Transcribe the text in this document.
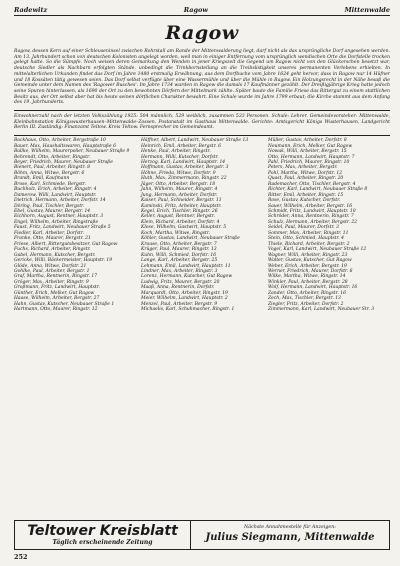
Radewitz	Ragow	Mittenwalde
Ragow
Ragow, dessen Kern auf einer Schleuseninsel zwischen Rohrstall am Rande der Mittenwalderung liegt, darf nicht als das ursprüngliche Dorf angesehen werden. Am 13. Jahrhundert schon von deutschen Kolonisten angelegt worden, weil man in einiger Entfernung vom ursprünglich wendischen Orte die Dorfstelle trocken gelegt hatte. So die Sümpfe. Noch weisen deren Gemarkung den Wenden in jener Kriegszeit die Gegend um Ragow nicht von den Glückerschen besetzt war, deutsche Siedler als Nachbarn erfolgten Stände, unbedingt die Trinkbornstellung an die Treibslistigkeit unseres permanenten Verlebens erhielten. In mittelalterlichen Urkunden findet das Dorf im Jahre 1480 erstmalig Erwähnung, aus dem Dorfbuche vom Jahre 1624 geht hervor, dass in Ragow nur 14 Hüfner und 18 Kossäten tätig gewesen seien. Das Dorf selbst verfügte über eine Wassermühle und über die Mühle in Ragow. Ein Holzungsrecht in der Nähe besaß die Gemeinde unter dem Namen des 'Ragower Busches'. Im Jahre 1734 wurden in Ragow die damals 17 Kaufmänner gezählt. Der Dreißigjährige Krieg hatte jedoch seine Spuren hinterlassen, als 1690 der Ort zu den bewohnten Dörfern der Mittelmark zählte. Später baute die Familie Friese das Rittergut zu einem stattlichen Besitz aus, der Ort selbst aber hat bis heute seinen dörflichen Charakter bewahrt. Eine Schule wurde im Jahre 1799 erbaut; die Kirche stammt aus dem Anfang des 19. Jahrhunderts.
Einwohnerzahl nach der letzten Volkszählung 1925: 504 männlich, 529 weiblich, zusammen 533 Personen. Schule: Lehrer. Gemeindevorsteher: Mittenwalde, Kleinbahnstation Königswusterhausen–Mittenwalde–Zossen. Postanstalt im Gasthaus Mittenwalde. Gerichte: Amtsgericht Königs Wusterhausen, Landgericht Berlin III. Zuständig: Finanzamt Teltow. Kreis Teltow. Fernsprecher im Gemeindeamt.

Backhaus, Otto, Arbeiter, Bergstraße 10

Bauer, Max, Haushaltswaren, Hauptstraße 6

Ballke, Wilhelm, Maurerpolier, Neubauer Straße 9

Behrendt, Otto, Arbeiter, Ringstr.

Beyer, Friedrich, Maurer, Neubauer Straße

Bienert, Paul, Arbeiter, Ringstr. 8

Böhm, Anna, Witwe, Bergstr. 6

Brandt, Emil, Kaufmann

Brose, Karl, Schmiede, Bergstr.

Buchholz, Erich, Arbeiter, Ringstr. 4

Damerow, Willi, Landwirt, Hauptstr.

Dietrich, Hermann, Arbeiter, Dorfstr. 14

Döring, Paul, Tischler, Bergstr.

Ebel, Gustav, Maurer, Bergstr. 14

Eichhorn, August, Rentner, Hauptstr. 3

Engel, Wilhelm, Arbeiter, Ringstraße

Faust, Fritz, Landwirt, Neubauer Straße 5

Fiedler, Karl, Arbeiter, Dorfstr.

Franke, Otto, Maurer, Bergstr. 21

Friese, Albert, Rittergutsbesitzer, Gut Ragow

Fuchs, Richard, Arbeiter, Ringstr.

Gabel, Hermann, Kutscher, Bergstr.

Gericke, Willi, Bäckermeister, Hauptstr. 19

Glöde, Anna, Witwe, Dorfstr. 21

Gohlke, Paul, Arbeiter, Bergstr. 1

Graf, Martha, Rentnerin, Ringstr. 17

Gröger, Max, Arbeiter, Ringstr. 9

Großmann, Fritz, Landwirt, Hauptstr.

Günther, Erich, Melker, Gut Ragow

Haase, Wilhelm, Arbeiter, Bergstr. 27

Hahn, Gustav, Kutscher, Neubauer Straße 1

Hartmann, Otto, Maurer, Ringstr. 12

Häffner, Albert, Landwirt, Neubauer Straße 13

Heinrich, Emil, Arbeiter, Bergstr. 6

Henke, Paul, Arbeiter, Ringstr.

Hermann, Willi, Kutscher, Dorfstr.

Herzog, Karl, Landwirt, Hauptstr. 14

Hoffmann, Gustav, Arbeiter, Bergstr. 3

Höhne, Frieda, Witwe, Dorfstr. 9

Huth, Max, Zimmermann, Ringstr. 22

Jäger, Otto, Arbeiter, Bergstr. 18

Jahn, Wilhelm, Maurer, Ringstr. 4

Jung, Hermann, Arbeiter, Dorfstr.

Kaiser, Paul, Schneider, Bergstr. 11

Kaminski, Fritz, Arbeiter, Hauptstr.

Kegel, Erich, Tischler, Ringstr. 26

Keller, August, Rentner, Bergstr.

Klein, Richard, Arbeiter, Dorfstr. 4

Klose, Wilhelm, Gastwirt, Hauptstr. 5

Koch, Martha, Witwe, Ringstr.

Köhler, Gustav, Landwirt, Neubauer Straße

Krause, Otto, Arbeiter, Bergstr. 7

Krüger, Paul, Maurer, Ringstr. 13

Kuhn, Willi, Schmied, Dorfstr. 16

Lange, Karl, Arbeiter, Bergstr. 25

Lehmann, Emil, Landwirt, Hauptstr. 11

Lindner, Max, Arbeiter, Ringstr. 3

Lorenz, Hermann, Kutscher, Gut Ragow

Ludwig, Fritz, Maurer, Bergstr. 20

Maaß, Anna, Rentnerin, Dorfstr.

Marquardt, Otto, Arbeiter, Ringstr. 19

Meier, Wilhelm, Landwirt, Hauptstr. 2

Menzel, Paul, Arbeiter, Bergstr. 9

Michaelis, Karl, Schuhmacher, Ringstr. 1

Müller, Gustav, Arbeiter, Dorfstr. 8

Neumann, Erich, Melker, Gut Ragow

Nowak, Willi, Arbeiter, Bergstr. 15

Otto, Hermann, Landwirt, Hauptstr. 7

Pahl, Friedrich, Maurer, Ringstr. 10

Peters, Max, Arbeiter, Bergstr.

Pohl, Martha, Witwe, Dorfstr. 12

Quast, Paul, Arbeiter, Ringstr. 20

Rademacher, Otto, Tischler, Bergstr. 4

Richter, Karl, Landwirt, Neubauer Straße 8

Ritter, Emil, Arbeiter, Ringstr. 15

Rose, Gustav, Kutscher, Dorfstr.

Sauer, Wilhelm, Arbeiter, Bergstr. 16

Schmidt, Fritz, Landwirt, Hauptstr. 10

Schröder, Anna, Rentnerin, Ringstr. 7

Schulz, Hermann, Arbeiter, Bergstr. 22

Seidel, Paul, Maurer, Dorfstr. 3

Sommer, Max, Arbeiter, Ringstr. 11

Stein, Otto, Schmied, Hauptstr. 4

Thiele, Richard, Arbeiter, Bergstr. 2

Vogel, Karl, Landwirt, Neubauer Straße 12

Wagner, Willi, Arbeiter, Ringstr. 23

Walter, Gustav, Kutscher, Gut Ragow

Weber, Erich, Arbeiter, Bergstr. 19

Werner, Friedrich, Maurer, Dorfstr. 6

Wilke, Martha, Witwe, Ringstr. 14

Winkler, Paul, Arbeiter, Bergstr. 28

Wolf, Hermann, Landwirt, Hauptstr. 16

Zander, Otto, Arbeiter, Ringstr. 16

Zech, Max, Tischler, Bergstr. 13

Ziegler, Fritz, Arbeiter, Dorfstr. 2

Zimmermann, Karl, Landwirt, Neubauer Str. 3

Teltower Kreisblatt
Täglich erscheinende Zeitung
Nächste Annahmestelle für Anzeigen:
Julius Siegmann, Mittenwalde
252
